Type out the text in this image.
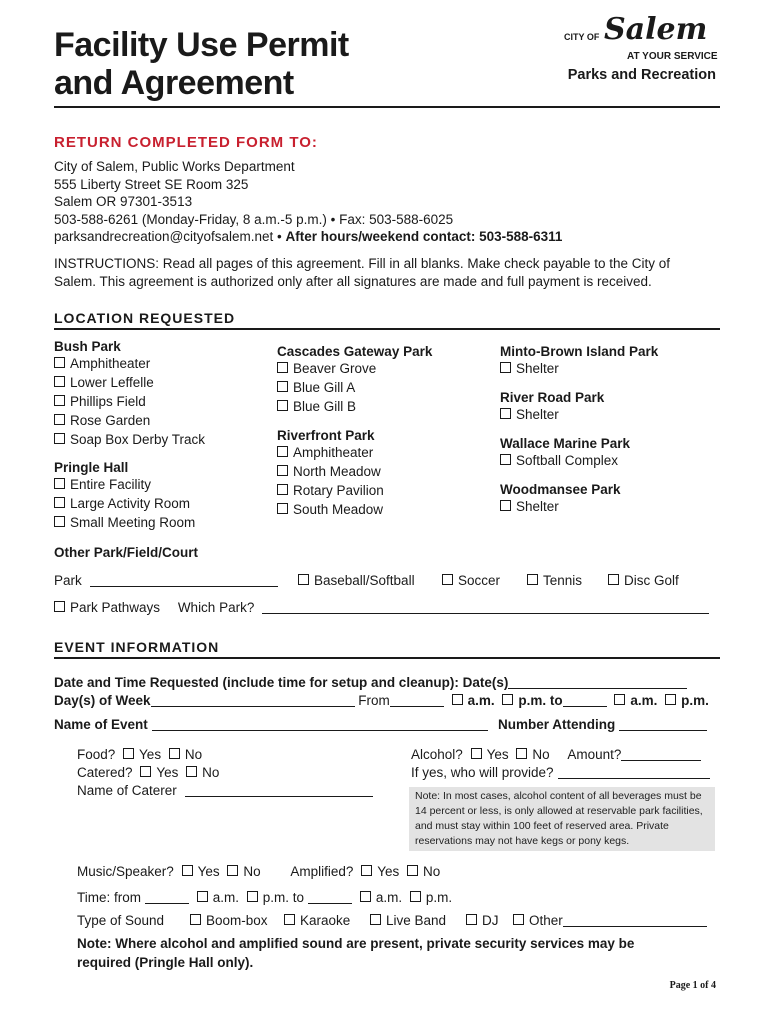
Facility Use Permit
and Agreement
CITY OF Salem
AT YOUR SERVICE
Parks and Recreation
RETURN COMPLETED FORM TO:
City of Salem, Public Works Department
555 Liberty Street SE Room 325
Salem OR 97301-3513
503-588-6261 (Monday-Friday, 8 a.m.-5 p.m.) • Fax: 503-588-6025
parksandrecreation@cityofsalem.net • After hours/weekend contact: 503-588-6311
INSTRUCTIONS: Read all pages of this agreement. Fill in all blanks. Make check payable to the City of
Salem. This agreement is authorized only after all signatures are made and full payment is received.
LOCATION REQUESTED
Bush Park
Amphitheater
Lower Leffelle
Phillips Field
Rose Garden
Soap Box Derby Track
Pringle Hall
Entire Facility
Large Activity Room
Small Meeting Room
Cascades Gateway Park
Beaver Grove
Blue Gill A
Blue Gill B
Riverfront Park
Amphitheater
North Meadow
Rotary Pavilion
South Meadow
Minto-Brown Island Park
Shelter
River Road Park
Shelter
Wallace Marine Park
Softball Complex
Woodmansee Park
Shelter
Other Park/Field/Court
Park	Baseball/Softball	Soccer	Tennis	Disc Golf
Park Pathways Which Park?
EVENT INFORMATION
Date and Time Requested (include time for setup and cleanup): Date(s)
Day(s) of Week	From	a.m. p.m. to	a.m. p.m.
Name of Event	Number Attending
Food? Yes No
Catered? Yes No
Name of Caterer
Alcohol? Yes No Amount?
If yes, who will provide?
Note: In most cases, alcohol content of all beverages must be 14 percent or less, is only allowed at reservable park facilities, and must stay within 100 feet of reserved area. Private reservations may not have kegs or pony kegs.
Music/Speaker? Yes No Amplified? Yes No
Time: from	a.m. p.m. to	a.m. p.m.
Type of Sound	Boom-box	Karaoke	Live Band	DJ	Other
Note: Where alcohol and amplified sound are present, private security services may be
required (Pringle Hall only).
Page 1 of 4
